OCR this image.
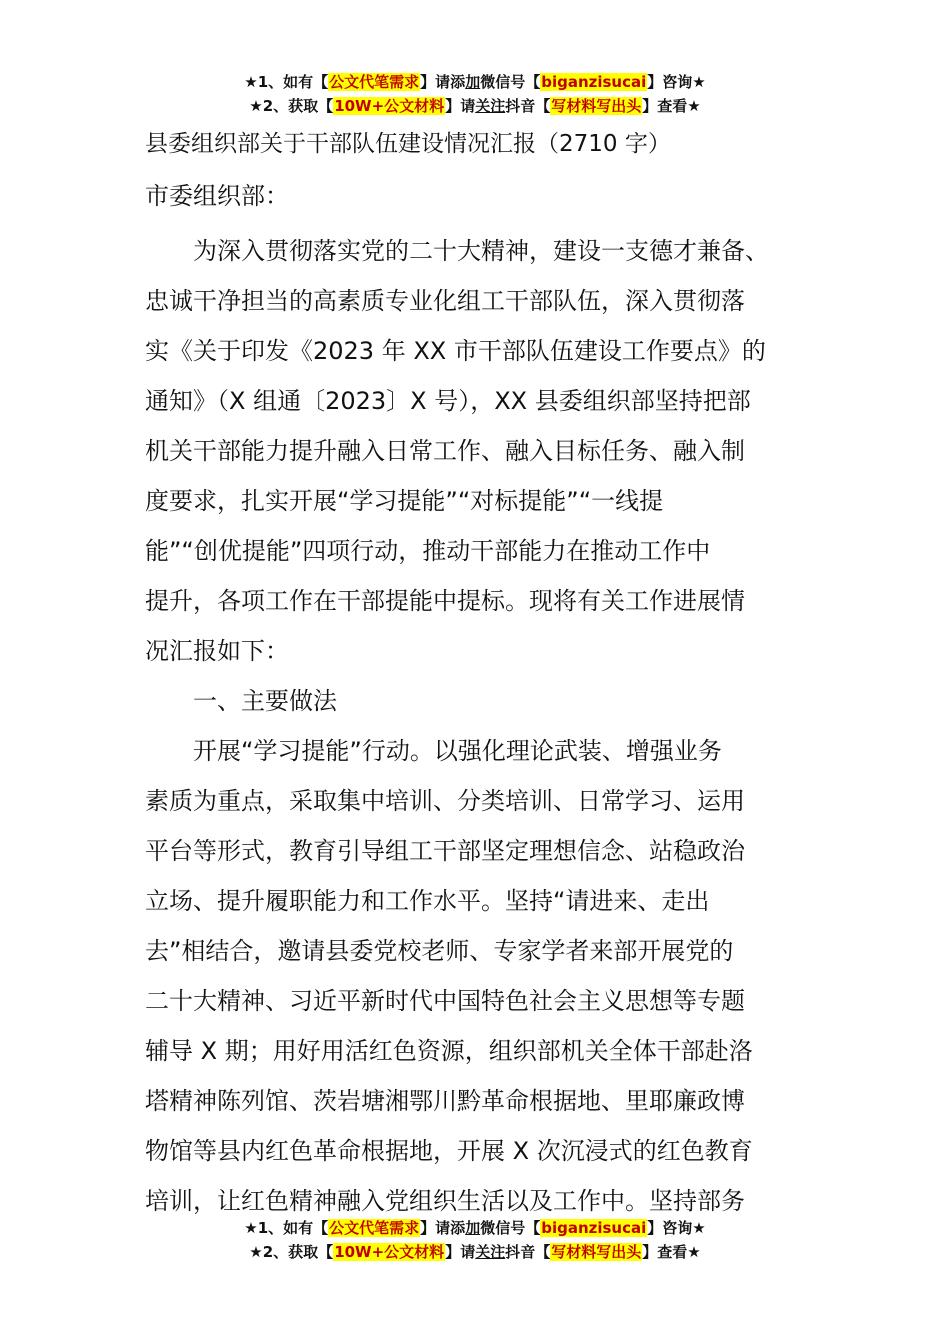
★1、如有【公文代笔需求】请添加微信号【biganzisucai】咨询★
★2、获取【10W+公文材料】请关注抖音【写材料写出头】查看★
县委组织部关于干部队伍建设情况汇报（2710 字）
市委组织部：
为深入贯彻落实党的二十大精神，建设一支德才兼备、
忠诚干净担当的高素质专业化组工干部队伍，深入贯彻落
实《关于印发《2023 年 XX 市干部队伍建设工作要点》的
通知》（X 组通〔2023〕X 号），XX 县委组织部坚持把部
机关干部能力提升融入日常工作、融入目标任务、融入制
度要求，扎实开展“学习提能”“对标提能”“一线提
能”“创优提能”四项行动，推动干部能力在推动工作中
提升，各项工作在干部提能中提标。现将有关工作进展情
况汇报如下：
一、主要做法
开展“学习提能”行动。以强化理论武装、增强业务
素质为重点，采取集中培训、分类培训、日常学习、运用
平台等形式，教育引导组工干部坚定理想信念、站稳政治
立场、提升履职能力和工作水平。坚持“请进来、走出
去”相结合，邀请县委党校老师、专家学者来部开展党的
二十大精神、习近平新时代中国特色社会主义思想等专题
辅导 X 期；用好用活红色资源，组织部机关全体干部赴洛
塔精神陈列馆、茨岩塘湘鄂川黔革命根据地、里耶廉政博
物馆等县内红色革命根据地，开展 X 次沉浸式的红色教育
培训，让红色精神融入党组织生活以及工作中。坚持部务
★1、如有【公文代笔需求】请添加微信号【biganzisucai】咨询★
★2、获取【10W+公文材料】请关注抖音【写材料写出头】查看★
